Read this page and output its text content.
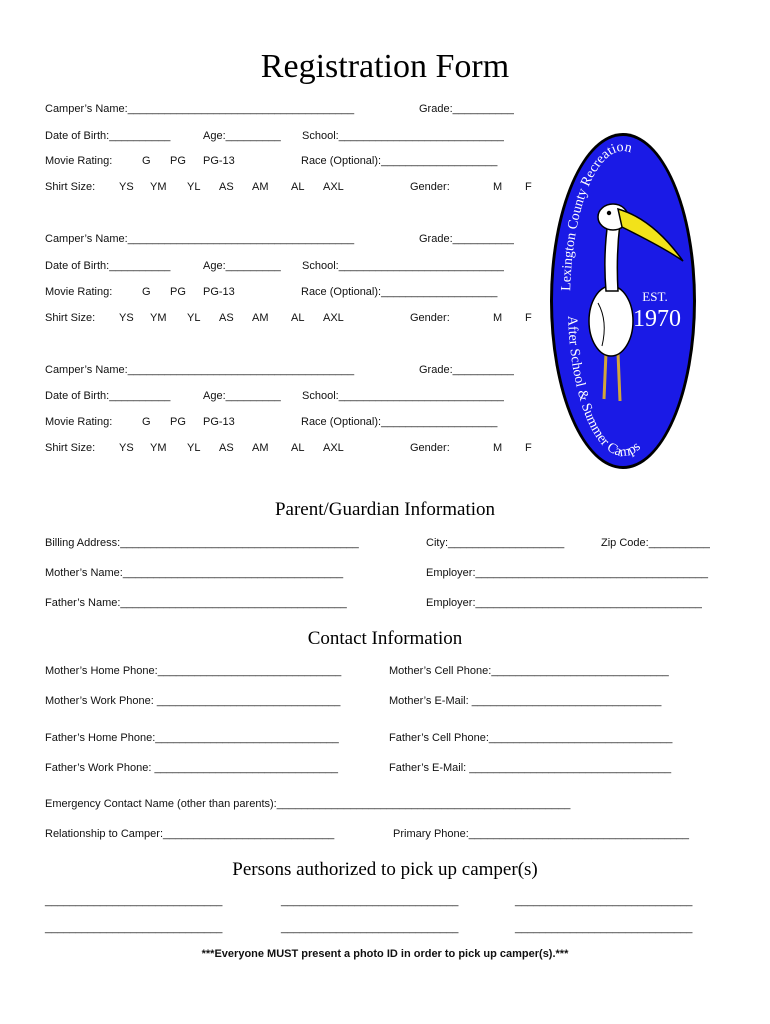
Registration Form
Camper’s Name:_____________________________________	Grade:__________
Date of Birth:__________	Age:_________ School:___________________________
Movie Rating:	G PG PG-13	Race (Optional):___________________
Shirt Size: YS YM YL AS AM AL AXL	Gender:	M F
Camper’s Name:_____________________________________	Grade:__________
Date of Birth:__________	Age:_________ School:___________________________
Movie Rating:	G PG PG-13	Race (Optional):___________________
Shirt Size: YS YM YL AS AM AL AXL	Gender:	M F
Camper’s Name:_____________________________________	Grade:__________
Date of Birth:__________	Age:_________ School:___________________________
Movie Rating:	G PG PG-13	Race (Optional):___________________
Shirt Size: YS YM YL AS AM AL AXL	Gender:	M F
Lexington County Recreation
After School & Summer Camps
EST.
1970
Parent/Guardian Information
Billing Address:_______________________________________	City:___________________	Zip Code:__________
Mother’s Name:____________________________________	Employer:______________________________________
Father’s Name:_____________________________________	Employer:_____________________________________
Contact Information
Mother’s Home Phone:______________________________	Mother’s Cell Phone:_____________________________
Mother’s Work Phone: ______________________________	Mother’s E-Mail: _______________________________
Father’s Home Phone:______________________________	Father’s Cell Phone:______________________________
Father’s Work Phone: ______________________________	Father’s E-Mail: _________________________________
Emergency Contact Name (other than parents):________________________________________________
Relationship to Camper:____________________________	Primary Phone:____________________________________
Persons authorized to pick up camper(s)
_____________________________	_____________________________	_____________________________
_____________________________	_____________________________	_____________________________
***Everyone MUST present a photo ID in order to pick up camper(s).***
